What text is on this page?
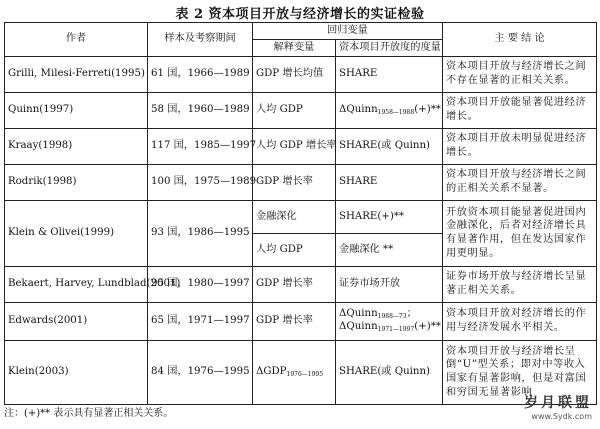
表 2 资本项目开放与经济增长的实证检验
作者	样本及考察期间	回归变量		主 要 结 论
		解释变量	资本项目开放度的度量	
Grilli, Milesi-Ferreti(1995)	61 国，1966—1989	GDP 增长均值	SHARE	资本项目开放与经济增长之间不存在显著的正相关关系。
Quinn(1997)	58 国，1960—1989	人均 GDP	ΔQuinn$_{1958—1988}$(+)**	资本项目开放能显著促进经济增长。
Kraay(1998)	117 国，1985—1997	人均 GDP 增长率	SHARE(或 Quinn)	资本项目开放未明显促进经济增长。
Rodrik(1998)	100 国，1975—1989	GDP 增长率	SHARE	资本项目开放与经济增长之间的正相关关系不显著。
Klein & Olivei(1999)	93 国，1986—1995	金融深化	SHARE(+)**	开放资本项目能显著促进国内金融深化，后者对经济增长具有显著作用，但在发达国家作用更明显。
		人均 GDP	金融深化 **	
Bekaert, Harvey, Lundblad(2001)	95 国，1980—1997	GDP 增长率	证券市场开放	证券市场开放与经济增长呈显著正相关关系。
Edwards(2001)	65 国，1971—1997	GDP 增长率	ΔQuinn$_{1988—73}$；
ΔQuinn$_{1971—1997}$(+)**	资本项目开放对经济增长的作用与经济发展水平相关。
Klein(2003)	84 国，1976—1995	$\Delta GDP_{1976—1995}$	SHARE(或 Quinn)	资本项目开放与经济增长呈倒“U”型关系；即对中等收入国家有显著影响，但是对富国和穷国无显著影响
注：(+)** 表示具有显著正相关关系。
岁月联盟
www.Sydk.com
